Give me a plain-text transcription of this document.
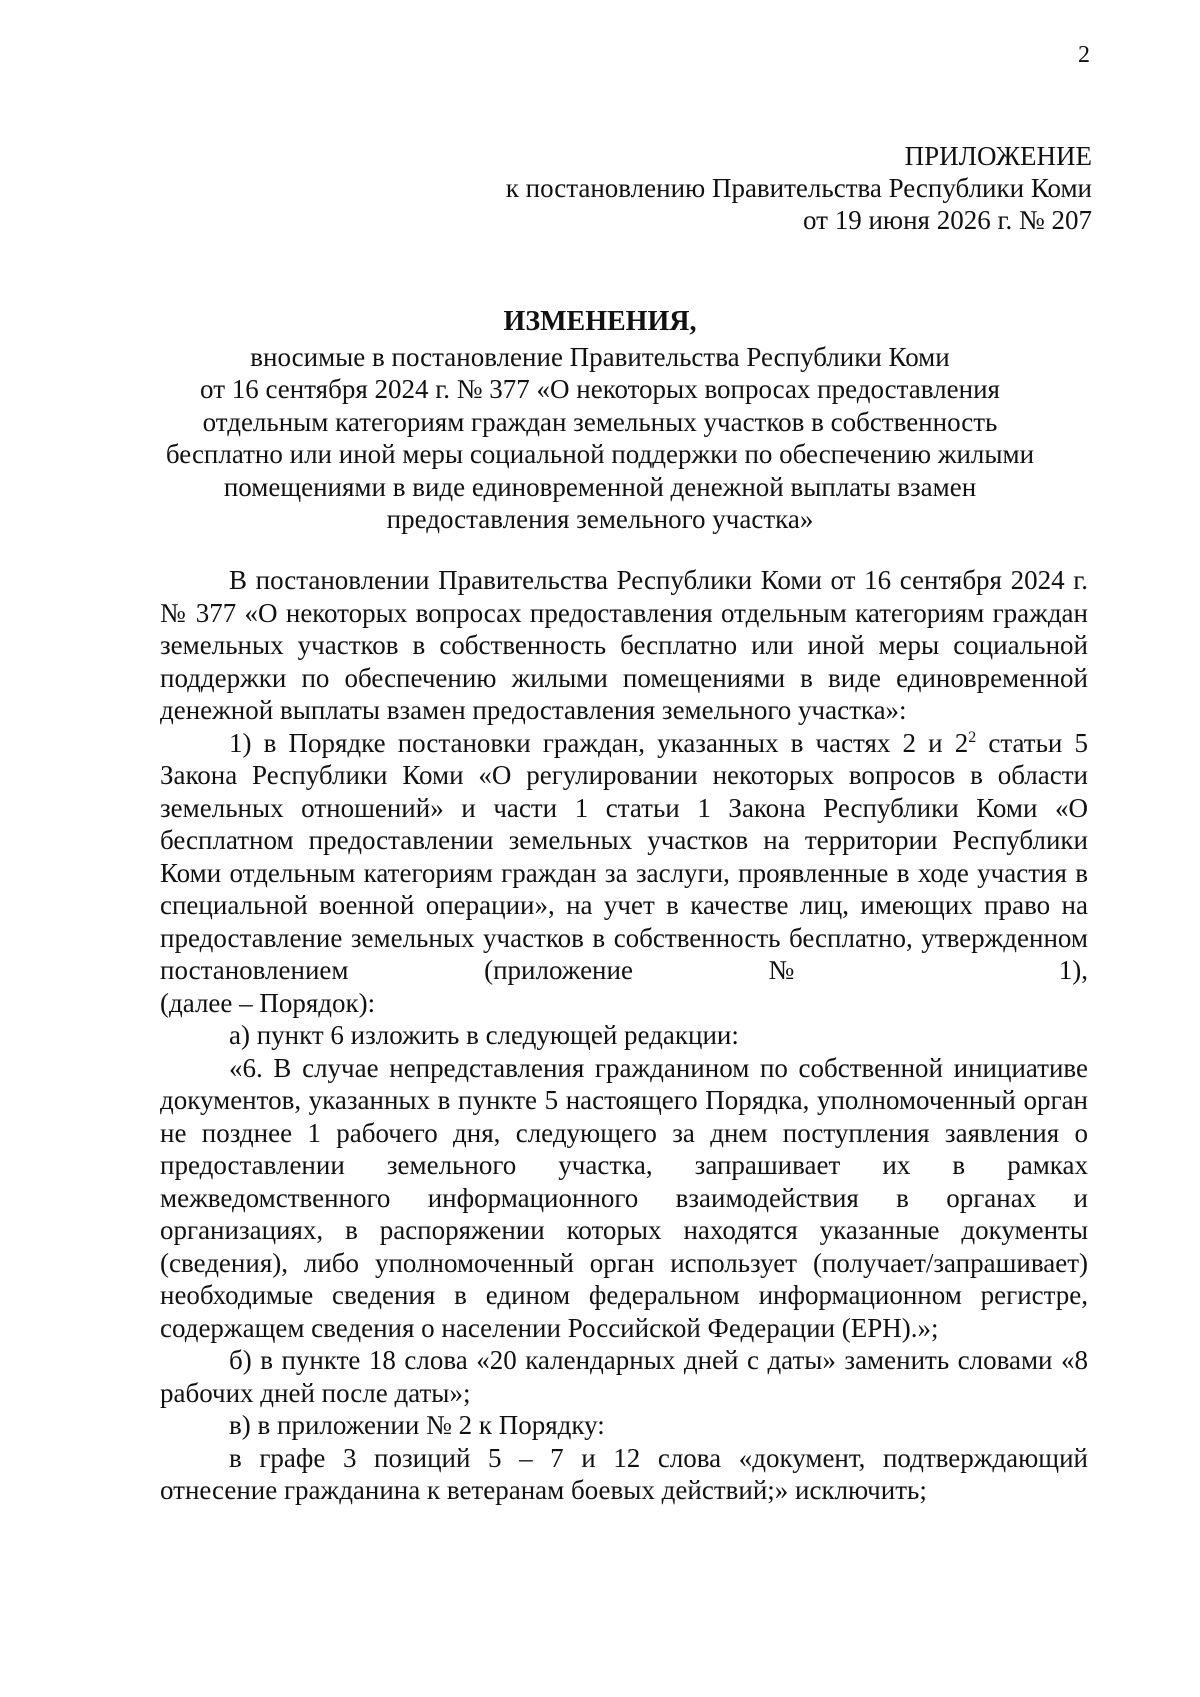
2
ПРИЛОЖЕНИЕ
к постановлению Правительства Республики Коми
от 19 июня 2026 г. № 207
ИЗМЕНЕНИЯ,
вносимые в постановление Правительства Республики Коми
от 16 сентября 2024 г. № 377 «О некоторых вопросах предоставления
отдельным категориям граждан земельных участков в собственность
бесплатно или иной меры социальной поддержки по обеспечению жилыми
помещениями в виде единовременной денежной выплаты взамен
предоставления земельного участка»

В постановлении Правительства Республики Коми от 16 сентября 2024 г. № 377 «О некоторых вопросах предоставления отдельным категориям граждан земельных участков в собственность бесплатно или иной меры социальной поддержки по обеспечению жилыми помещениями в виде единовременной денежной выплаты взамен предоставления земельного участка»:

1) в Порядке постановки граждан, указанных в частях 2 и $2^2$ статьи 5 Закона Республики Коми «О регулировании некоторых вопросов в области земельных отношений» и части 1 статьи 1 Закона Республики Коми «О бесплатном предоставлении земельных участков на территории Республики Коми отдельным категориям граждан за заслуги, проявленные в ходе участия в специальной военной операции», на учет в качестве лиц, имеющих право на предоставление земельных участков в собственность бесплатно, утвержденном постановлением (приложение № 1),

(далее – Порядок):

а) пункт 6 изложить в следующей редакции:

«6. В случае непредставления гражданином по собственной инициативе документов, указанных в пункте 5 настоящего Порядка, уполномоченный орган не позднее 1 рабочего дня, следующего за днем поступления заявления о предоставлении земельного участка, запрашивает их в рамках межведомственного информационного взаимодействия в органах и организациях, в распоряжении которых находятся указанные документы (сведения), либо уполномоченный орган использует (получает/запрашивает) необходимые сведения в едином федеральном информационном регистре, содержащем сведения о населении Российской Федерации (ЕРН).»;

б) в пункте 18 слова «20 календарных дней с даты» заменить словами «8 рабочих дней после даты»;

в) в приложении № 2 к Порядку:

в графе 3 позиций 5 – 7 и 12 слова «документ, подтверждающий отнесение гражданина к ветеранам боевых действий;» исключить;
